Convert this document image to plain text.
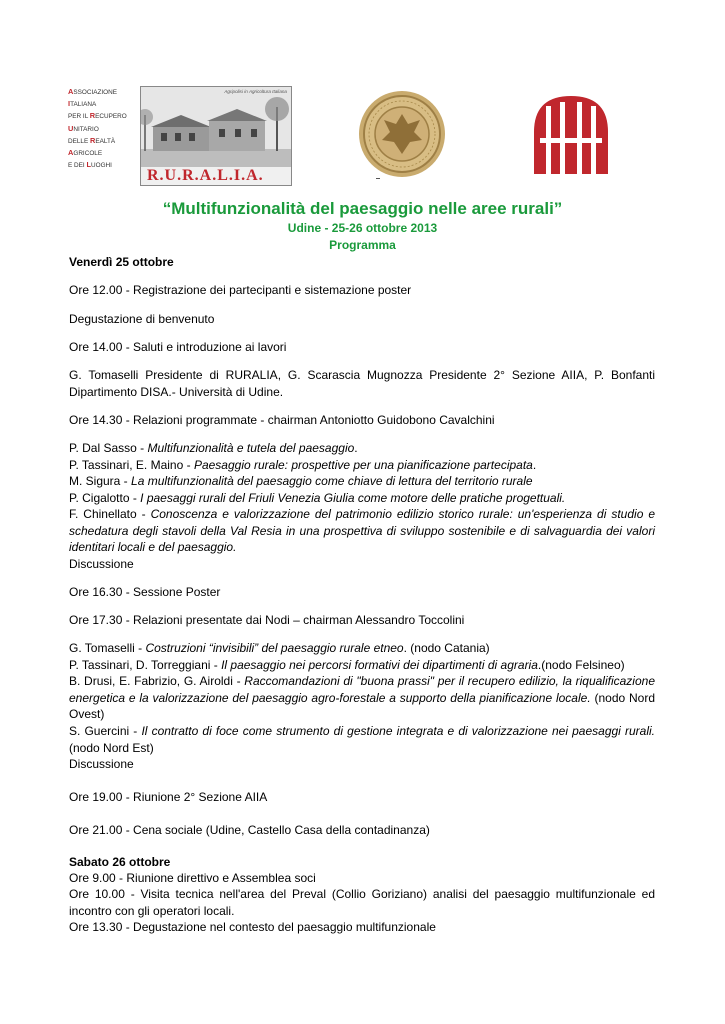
ASSOCIAZIONE
ITALIANA
PER IL RECUPERO
UNITARIO
DELLE REALTÀ
AGRICOLE
E DEI LUOGHI
Agripolisi in Agricoltura Italiana
R.U.R.A.L.I.A.
“Multifunzionalità del paesaggio nelle aree rurali”
Udine - 25-26 ottobre 2013
Programma
Venerdì 25 ottobre
Ore 12.00 - Registrazione dei partecipanti e sistemazione poster
Degustazione di benvenuto
Ore 14.00 - Saluti e introduzione ai lavori
G. Tomaselli Presidente di RURALIA, G. Scarascia Mugnozza Presidente 2° Sezione AIIA, P. Bonfanti Dipartimento DISA.- Università di Udine.
Ore 14.30 - Relazioni programmate - chairman Antoniotto Guidobono Cavalchini
P. Dal Sasso - Multifunzionalità e tutela del paesaggio.
P. Tassinari, E. Maino - Paesaggio rurale: prospettive per una pianificazione partecipata.
M. Sigura - La multifunzionalità del paesaggio come chiave di lettura del territorio rurale
P. Cigalotto - I paesaggi rurali del Friuli Venezia Giulia come motore delle pratiche progettuali.
F. Chinellato - Conoscenza e valorizzazione del patrimonio edilizio storico rurale: un'esperienza di studio e schedatura degli stavoli della Val Resia in una prospettiva di sviluppo sostenibile e di salvaguardia dei valori identitari locali e del paesaggio.
Discussione
Ore 16.30 - Sessione Poster
Ore 17.30 - Relazioni presentate dai Nodi – chairman Alessandro Toccolini
G. Tomaselli - Costruzioni “invisibili” del paesaggio rurale etneo. (nodo Catania)
P. Tassinari, D. Torreggiani - Il paesaggio nei percorsi formativi dei dipartimenti di agraria.(nodo Felsineo)
B. Drusi, E. Fabrizio, G. Airoldi - Raccomandazioni di "buona prassi" per il recupero edilizio, la riqualificazione energetica e la valorizzazione del paesaggio agro-forestale a supporto della pianificazione locale. (nodo Nord Ovest)
S. Guercini - Il contratto di foce come strumento di gestione integrata e di valorizzazione nei paesaggi rurali. (nodo Nord Est)
Discussione
Ore 19.00 - Riunione 2° Sezione AIIA
Ore 21.00 - Cena sociale (Udine, Castello Casa della contadinanza)
Sabato 26 ottobre
Ore 9.00 - Riunione direttivo e Assemblea soci
Ore 10.00 - Visita tecnica nell'area del Preval (Collio Goriziano) analisi del paesaggio multifunzionale ed incontro con gli operatori locali.
Ore 13.30 - Degustazione nel contesto del paesaggio multifunzionale
